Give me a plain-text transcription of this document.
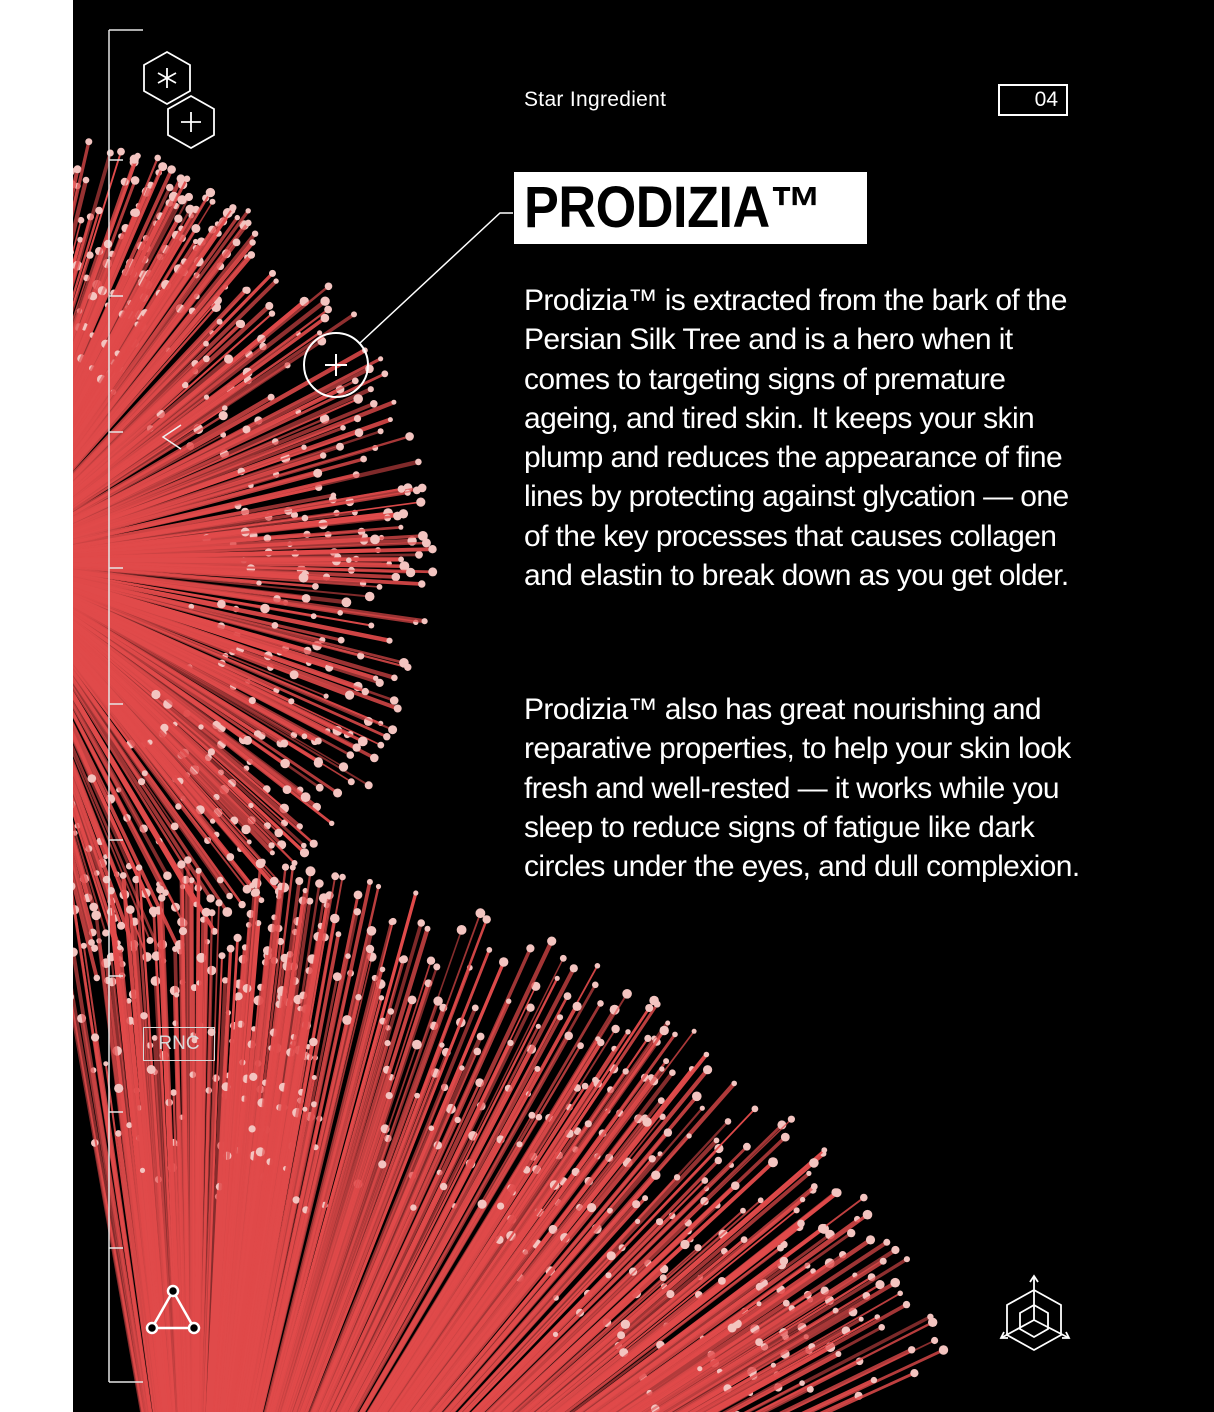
Star Ingredient	04
PRODIZIA™
Prodizia™ is extracted from the bark of the Persian Silk Tree and is a hero when it comes to targeting signs of premature ageing, and tired skin. It keeps your skin plump and reduces the appearance of fine lines by protecting against glycation — one of the key processes that causes collagen and elastin to break down as you get older.
Prodizia™ also has great nourishing and reparative properties, to help your skin look fresh and well-rested — it works while you sleep to reduce signs of fatigue like dark circles under the eyes, and dull complexion.
RNC
